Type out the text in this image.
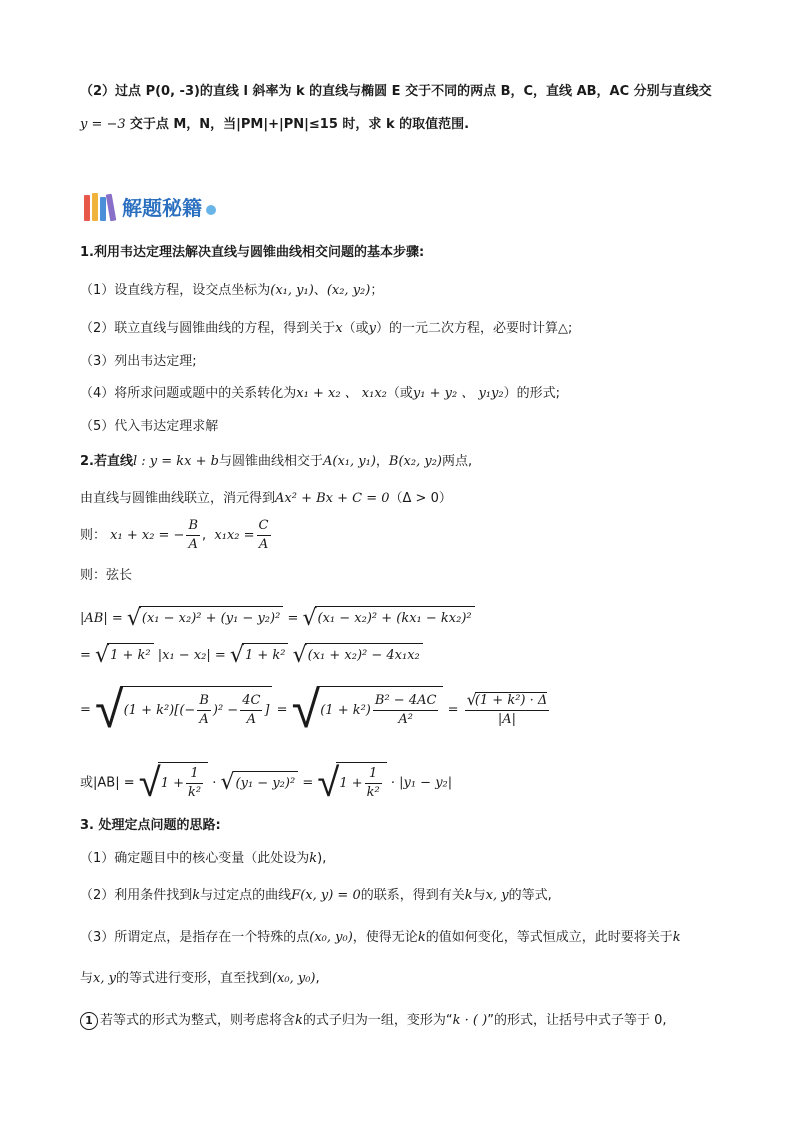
（2）过点 P(0, -3)的直线 l 斜率为 k 的直线与椭圆 E 交于不同的两点 B，C，直线 AB，AC 分别与直线交
y = −3 交于点 M，N，当|PM|+|PN|≤15 时，求 k 的取值范围.
解题秘籍
1.利用韦达定理法解决直线与圆锥曲线相交问题的基本步骤:
（1）设直线方程，设交点坐标为(x₁, y₁)、(x₂, y₂)；
（2）联立直线与圆锥曲线的方程，得到关于x（或y）的一元二次方程，必要时计算△;
（3）列出韦达定理;
（4）将所求问题或题中的关系转化为x₁ + x₂ 、 x₁x₂（或y₁ + y₂ 、 y₁y₂）的形式;
（5）代入韦达定理求解
2.若直线l : y = kx + b与圆锥曲线相交于A(x₁, y₁)，B(x₂, y₂)两点,
由直线与圆锥曲线联立，消元得到Ax² + Bx + C = 0（Δ > 0）
则： x₁ + x₂ = − $\frac{B}{A}$ , $x_1x_2 = \frac{C}{A}$
则：弦长
|AB| = √(x₁ − x₂)² + (y₁ − y₂)² = √(x₁ − x₂)² + (kx₁ − kx₂)²
= √1 + k² |x₁ − x₂| = √1 + k² √(x₁ + x₂)² − 4x₁x₂
= $√(1 + k^2)[(- \frac{B}{A} )^2 - \frac{4C}{A}$ ] = $√(1 + k^2) \frac{\text{B² − 4AC}}{\text{A²}} = \frac{\text{√(1 + k²) · Δ}}{|A|}$
或$|AB| = √1 + \frac{1}{\text{k²}} \cdot √(y_1 - y_2)^2 = √1 + \frac{1}{\text{k²}} \cdot |y_1 - y_2|$
3. 处理定点问题的思路:
（1）确定题目中的核心变量（此处设为k),
（2）利用条件找到k与过定点的曲线F(x, y) = 0的联系，得到有关k与x, y的等式,
（3）所谓定点，是指存在一个特殊的点(x₀, y₀)，使得无论k的值如何变化，等式恒成立，此时要将关于k
与x, y的等式进行变形，直至找到(x₀, y₀),
1 若等式的形式为整式，则考虑将含k的式子归为一组，变形为“k · ( )”的形式，让括号中式子等于 0,
